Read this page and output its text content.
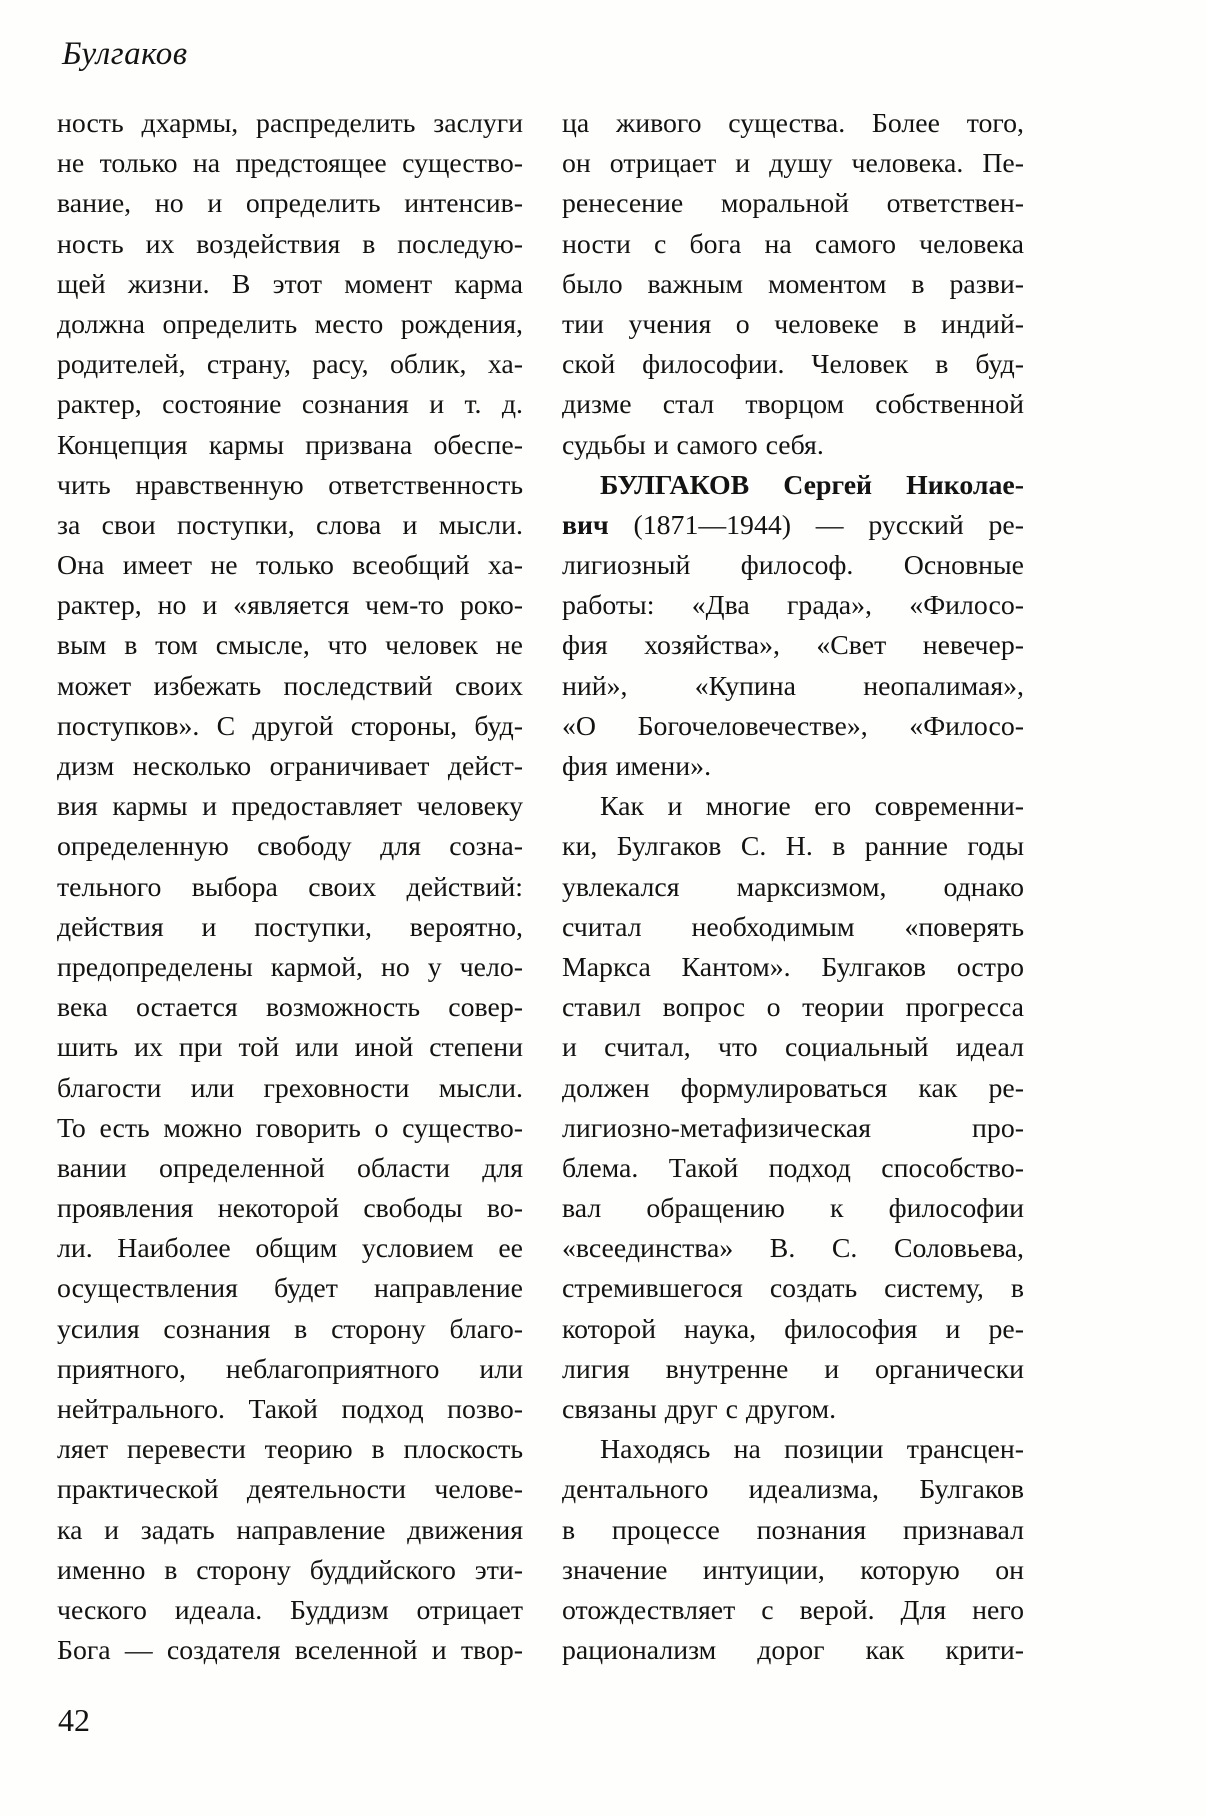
Булгаков
ность дхармы, распределить заслуги
не только на предстоящее существо-
вание, но и определить интенсив-
ность их воздействия в последую-
щей жизни. В этот момент карма
должна определить место рождения,
родителей, страну, расу, облик, ха-
рактер, состояние сознания и т. д.
Концепция кармы призвана обеспе-
чить нравственную ответственность
за свои поступки, слова и мысли.
Она имеет не только всеобщий ха-
рактер, но и «является чем-то роко-
вым в том смысле, что человек не
может избежать последствий своих
поступков». С другой стороны, буд-
дизм несколько ограничивает дейст-
вия кармы и предоставляет человеку
определенную свободу для созна-
тельного выбора своих действий:
действия и поступки, вероятно,
предопределены кармой, но у чело-
века остается возможность совер-
шить их при той или иной степени
благости или греховности мысли.
То есть можно говорить о существо-
вании определенной области для
проявления некоторой свободы во-
ли. Наиболее общим условием ее
осуществления будет направление
усилия сознания в сторону благо-
приятного, неблагоприятного или
нейтрального. Такой подход позво-
ляет перевести теорию в плоскость
практической деятельности челове-
ка и задать направление движения
именно в сторону буддийского эти-
ческого идеала. Буддизм отрицает
Бога — создателя вселенной и твор-
ца живого существа. Более того,
он отрицает и душу человека. Пе-
ренесение моральной ответствен-
ности с бога на самого человека
было важным моментом в разви-
тии учения о человеке в индий-
ской философии. Человек в буд-
дизме стал творцом собственной
судьбы и самого себя.
БУЛГАКОВ Сергей Николае-
вич (1871—1944) — русский ре-
лигиозный философ. Основные
работы: «Два града», «Филосо-
фия хозяйства», «Свет невечер-
ний», «Купина неопалимая»,
«О Богочеловечестве», «Филосо-
фия имени».
Как и многие его современни-
ки, Булгаков С. Н. в ранние годы
увлекался марксизмом, однако
считал необходимым «поверять
Маркса Кантом». Булгаков остро
ставил вопрос о теории прогресса
и считал, что социальный идеал
должен формулироваться как ре-
лигиозно-метафизическая про-
блема. Такой подход способство-
вал обращению к философии
«всеединства» В. С. Соловьева,
стремившегося создать систему, в
которой наука, философия и ре-
лигия внутренне и органически
связаны друг с другом.
Находясь на позиции трансцен-
дентального идеализма, Булгаков
в процессе познания признавал
значение интуиции, которую он
отождествляет с верой. Для него
рационализм дорог как крити-
42
